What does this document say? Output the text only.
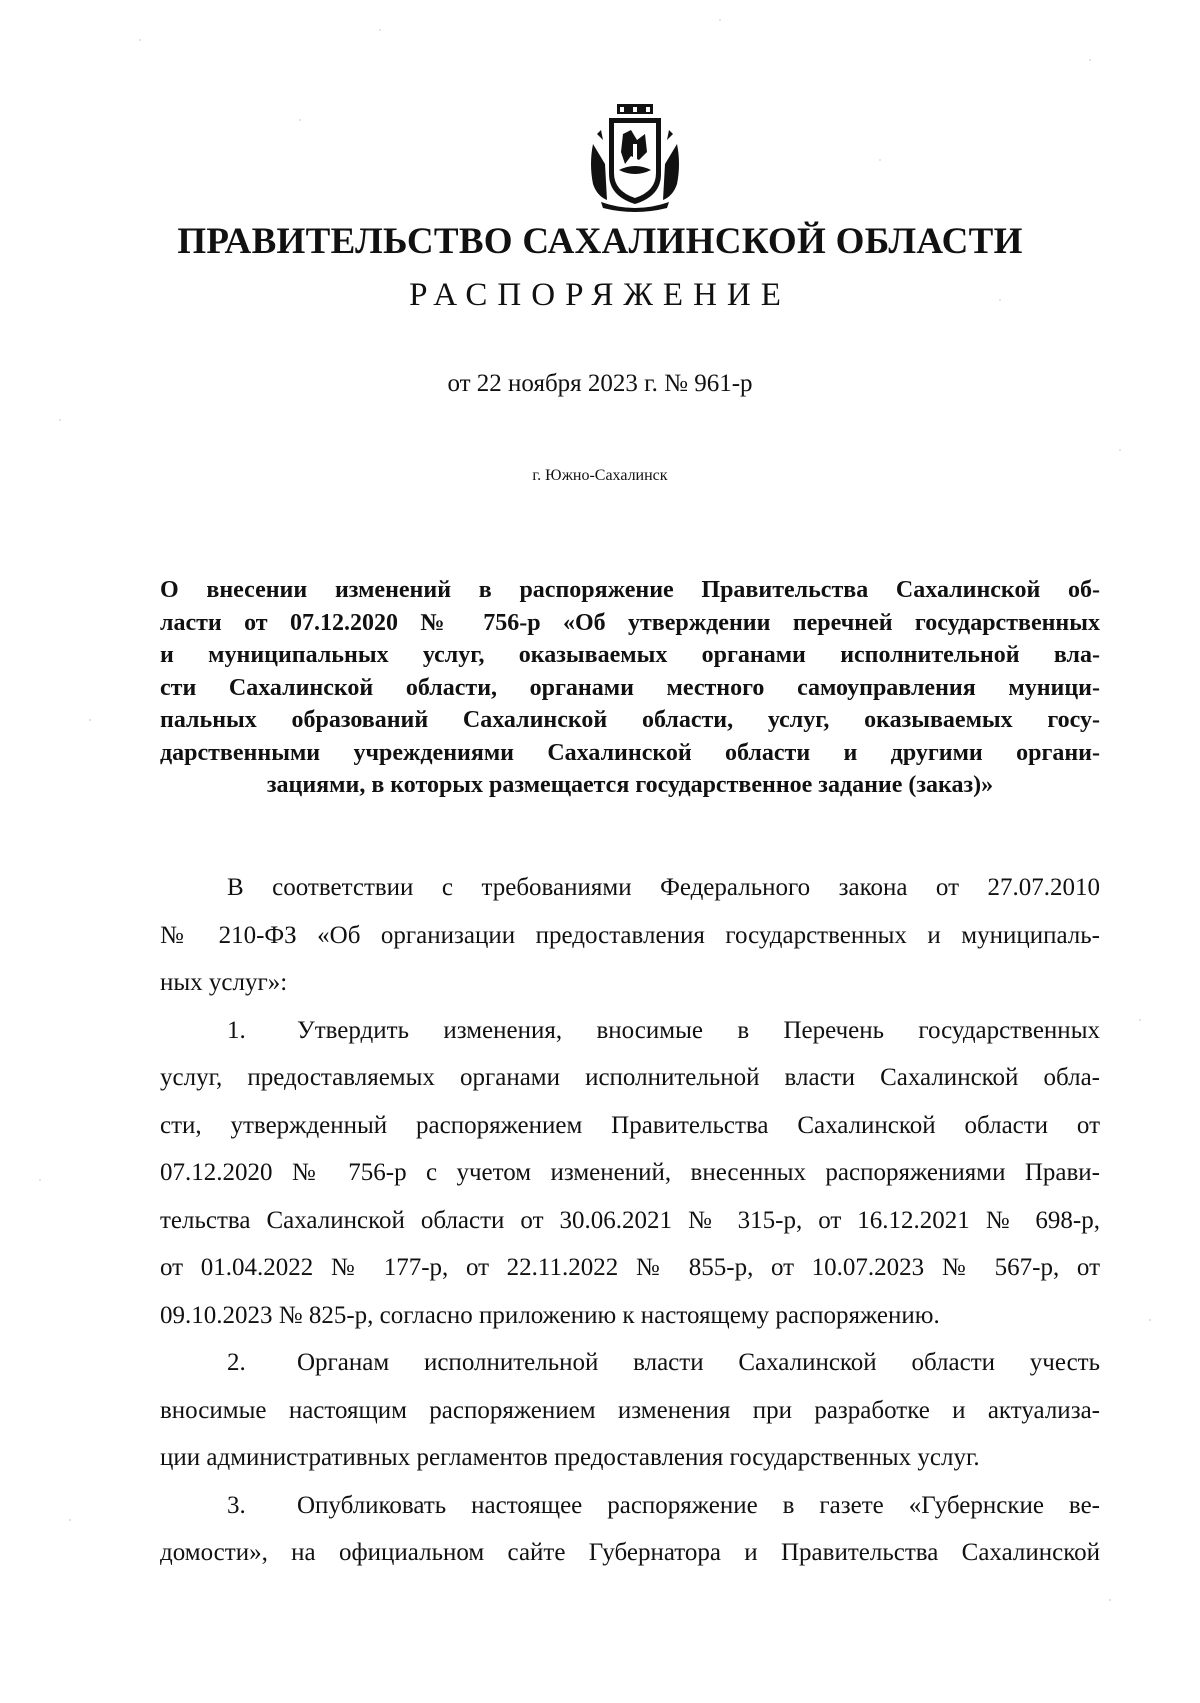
ПРАВИТЕЛЬСТВО САХАЛИНСКОЙ ОБЛАСТИ
РАСПОРЯЖЕНИЕ
от 22 ноября 2023 г. № 961-р
г. Южно-Сахалинск
О внесении изменений в распоряжение Правительства Сахалинской об-
ласти от 07.12.2020 № 756-р «Об утверждении перечней государственных
и муниципальных услуг, оказываемых органами исполнительной вла-
сти Сахалинской области, органами местного самоуправления муници-
пальных образований Сахалинской области, услуг, оказываемых госу-
дарственными учреждениями Сахалинской области и другими органи-
зациями, в которых размещается государственное задание (заказ)»
В соответствии с требованиями Федерального закона от 27.07.2010
№ 210-ФЗ «Об организации предоставления государственных и муниципаль-
ных услуг»:
1.	Утвердить изменения, вносимые в Перечень государственных
услуг, предоставляемых органами исполнительной власти Сахалинской обла-
сти, утвержденный распоряжением Правительства Сахалинской области от
07.12.2020 № 756-р с учетом изменений, внесенных распоряжениями Прави-
тельства Сахалинской области от 30.06.2021 № 315-р, от 16.12.2021 № 698-р,
от 01.04.2022 № 177-р, от 22.11.2022 № 855-р, от 10.07.2023 № 567-р, от
09.10.2023 № 825-р, согласно приложению к настоящему распоряжению.
2.	Органам исполнительной власти Сахалинской области учесть
вносимые настоящим распоряжением изменения при разработке и актуализа-
ции административных регламентов предоставления государственных услуг.
3.	Опубликовать настоящее распоряжение в газете «Губернские ве-
домости», на официальном сайте Губернатора и Правительства Сахалинской
